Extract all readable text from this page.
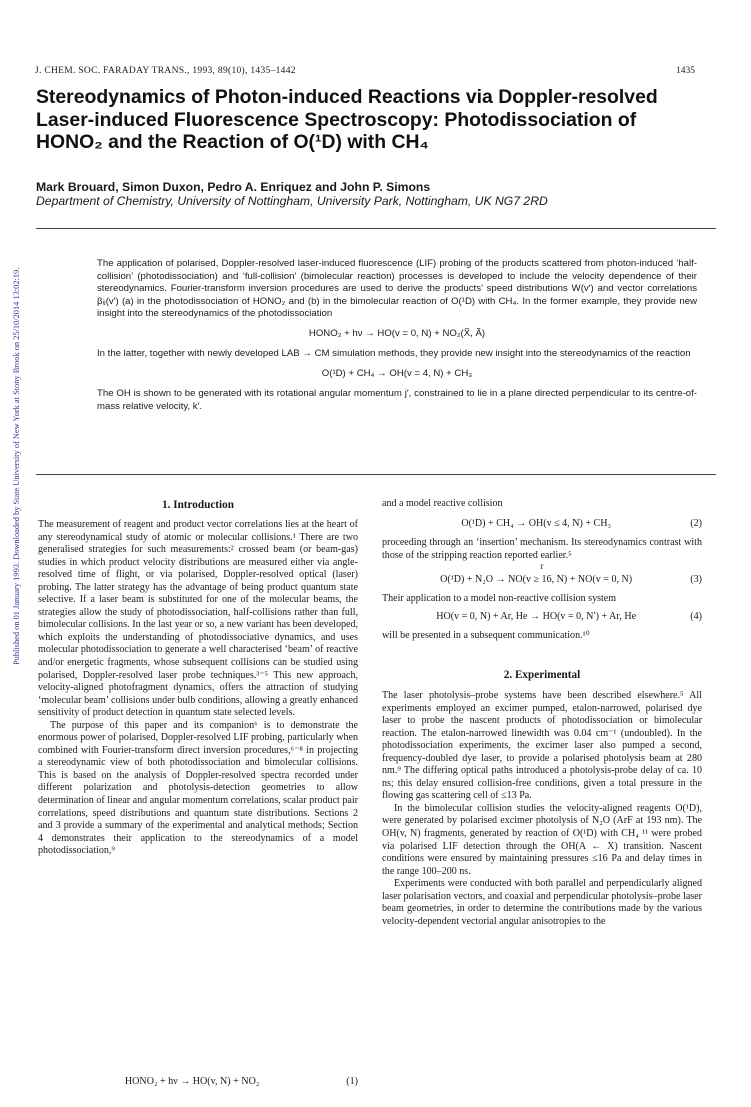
Published on 01 January 1993. Downloaded by State University of New York at Stony Brook on 25/10/2014 13:02:19.
J. CHEM. SOC. FARADAY TRANS., 1993, 89(10), 1435–1442	1435
Stereodynamics of Photon-induced Reactions via Doppler-resolved
Laser-induced Fluorescence Spectroscopy: Photodissociation of
HONO₂ and the Reaction of O(¹D) with CH₄
Mark Brouard, Simon Duxon, Pedro A. Enriquez and John P. Simons
Department of Chemistry, University of Nottingham, University Park, Nottingham, UK NG7 2RD

The application of polarised, Doppler-resolved laser-induced fluorescence (LIF) probing of the products scattered from photon-induced ‘half-collision’ (photodissociation) and ‘full-collision’ (bimolecular reaction) processes is developed to include the velocity dependence of their stereodynamics. Fourier-transform inversion procedures are used to derive the products’ speed distributions W(v′) and vector correlations βᵢⱼ(v′) (a) in the photodissociation of HONO₂ and (b) in the bimolecular reaction of O(¹D) with CH₄. In the former example, they provide new insight into the stereodynamics of the photodissociation

HONO₂ + hν → HO(v = 0, N) + NO₂(X̃, Ã)

In the latter, together with newly developed LAB → CM simulation methods, they provide new insight into the stereodynamics of the reaction

O(¹D) + CH₄ → OH(v = 4, N) + CH₃

The OH is shown to be generated with its rotational angular momentum j′, constrained to lie in a plane directed perpendicular to its centre-of-mass relative velocity, k′.

1. Introduction

The measurement of reagent and product vector correlations lies at the heart of any stereodynamical study of atomic or molecular collisions.¹ There are two generalised strategies for such measurements:² crossed beam (or beam-gas) studies in which product velocity distributions are measured either via angle-resolved time of flight, or via polarised, Doppler-resolved optical (laser) probing. The latter strategy has the advantage of being product quantum state selective. If a laser beam is substituted for one of the molecular beams, the strategies allow the study of photodissociation, half-collisions rather than full, bimolecular collisions. In the last year or so, a new variant has been developed, which exploits the understanding of photodissociative dynamics, and uses molecular photodissociation to generate a well characterised ‘beam’ of reactive and/or energetic fragments, whose subsequent collisions can be studied using polarised, Doppler-resolved laser probe techniques.³⁻⁵ This new approach, velocity-aligned photofragment dynamics, offers the attraction of studying ‘molecular beam’ collisions under bulb conditions, allowing a greatly enhanced sensitivity of product detection in quantum state selected levels.

The purpose of this paper and its companion⁶ is to demonstrate the enormous power of polarised, Doppler-resolved LIF probing, particularly when combined with Fourier-transform direct inversion procedures,⁶⁻⁸ in projecting a stereodynamic view of both photodissociation and bimolecular collisions. This is based on the analysis of Doppler-resolved spectra recorded under different polarization and photolysis-detection geometries to allow determination of linear and angular momentum correlations, scalar product pair correlations, speed distributions and quantum state distributions. Sections 2 and 3 provide a summary of the experimental and analytical methods; Section 4 demonstrates their application to the stereodynamics of a model photodissociation,⁹

HONO₂ + hν → HO(v, N) + NO₂	(1)

and a model reactive collision

O(¹D) + CH₄ → OH(v ≤ 4, N) + CH₃	(2)

proceeding through an ‘insertion’ mechanism. Its stereodynamics contrast with those of the stripping reaction reported earlier.⁵

r
O(¹D) + N₂O → NO(v ≥ 16, N) + NO(v = 0, N)	(3)

Their application to a model non-reactive collision system

HO(v = 0, N) + Ar, He → HO(v = 0, N′) + Ar, He	(4)

will be presented in a subsequent communication.¹⁰

2. Experimental

The laser photolysis–probe systems have been described elsewhere.⁵ All experiments employed an excimer pumped, etalon-narrowed, polarised dye laser to probe the nascent products of photodissociation or bimolecular reaction. The etalon-narrowed linewidth was 0.04 cm⁻¹ (undoubled). In the photodissociation experiments, the excimer laser also pumped a second, frequency-doubled dye laser, to provide a polarised photolysis beam at 280 nm.⁹ The differing optical paths introduced a photolysis-probe delay of ca. 10 ns; this delay ensured collision-free conditions, given a total pressure in the flowing gas scattering cell of ≤13 Pa.

In the bimolecular collision studies the velocity-aligned reagents O(¹D), were generated by polarised excimer photolysis of N₂O (ArF at 193 nm). The OH(v, N) fragments, generated by reaction of O(¹D) with CH₄ ¹¹ were probed via polarised LIF detection through the OH(A ← X) transition. Nascent conditions were ensured by maintaining pressures ≤16 Pa and delay times in the range 100–200 ns.

Experiments were conducted with both parallel and perpendicularly aligned laser polarisation vectors, and coaxial and perpendicular photolysis–probe laser beam geometries, in order to determine the contributions made by the various velocity-dependent vectorial angular anisotropies to the
